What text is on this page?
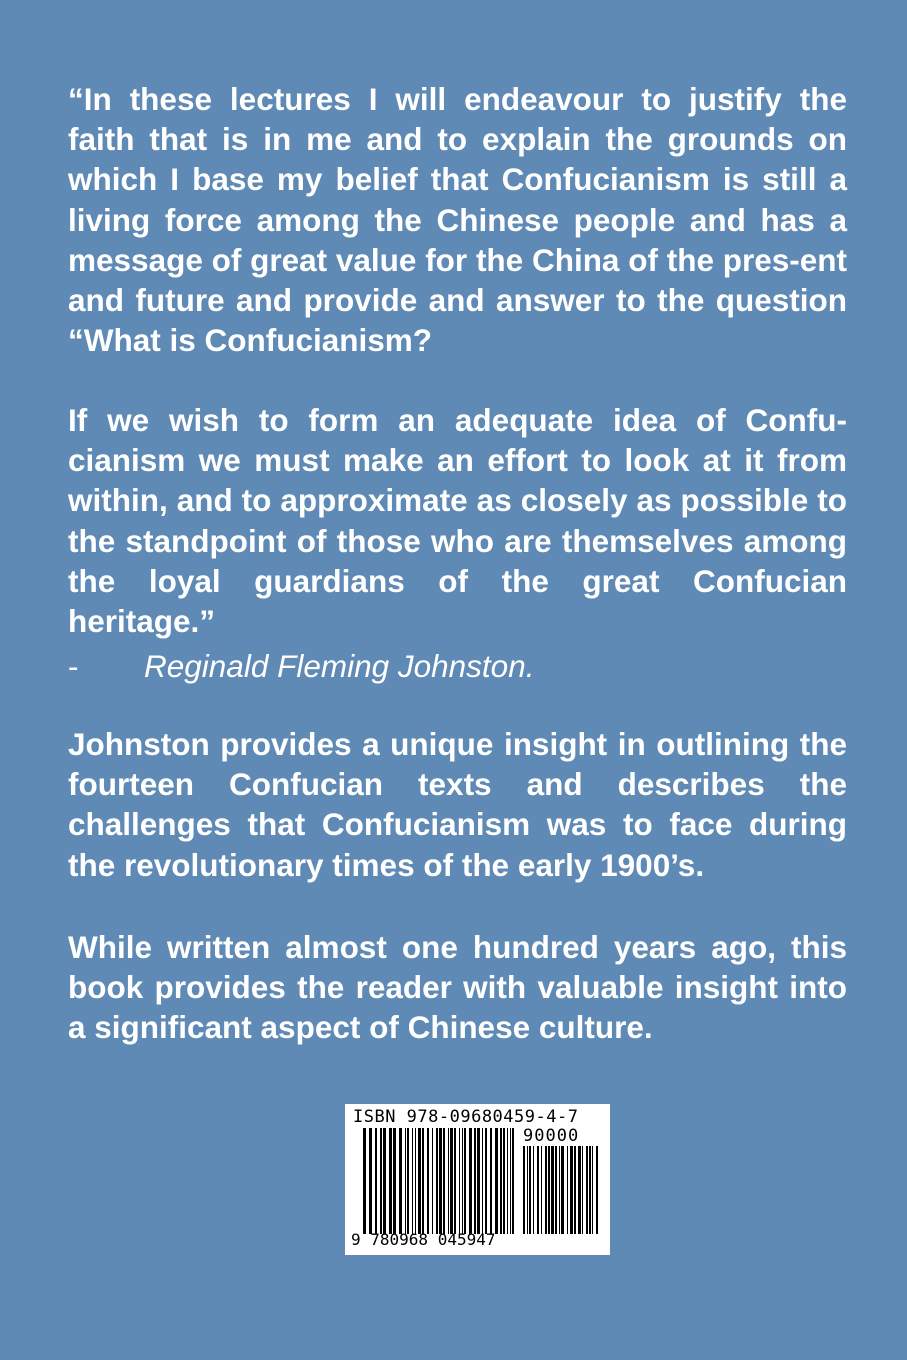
“In these lectures I will endeavour to justify the faith that is in me and to explain the grounds on which I base my belief that Confucianism is still a living force among the Chinese people and has a message of great value for the China of the pres-ent and future and provide and answer to the question “What is Confucianism?

If we wish to form an adequate idea of Confu-cianism we must make an effort to look at it from within, and to approximate as closely as possible to the standpoint of those who are themselves among the loyal guardians of the great Confucian heritage.”

- Reginald Fleming Johnston.

Johnston provides a unique insight in outlining the fourteen Confucian texts and describes the challenges that Confucianism was to face during the revolutionary times of the early 1900’s.

While written almost one hundred years ago, this book provides the reader with valuable insight into a significant aspect of Chinese culture.

ISBN 978-09680459-4-7
90000
9 780968 045947
